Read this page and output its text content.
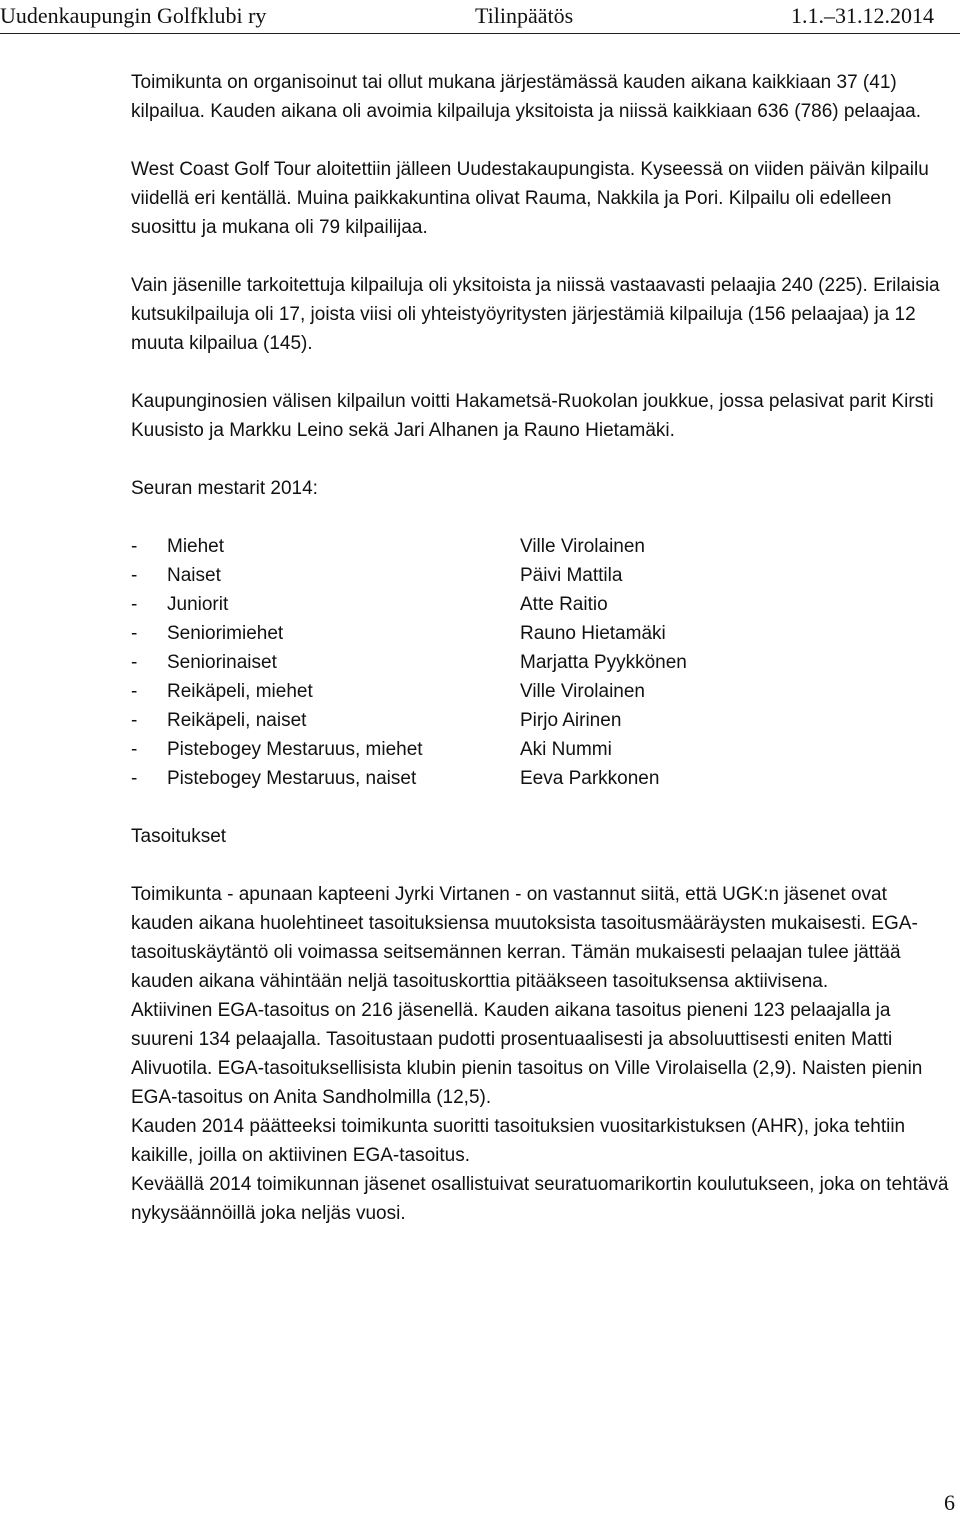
Uudenkaupungin Golfklubi ry	Tilinpäätös	1.1.–31.12.2014

Toimikunta on organisoinut tai ollut mukana järjestämässä kauden aikana kaikkiaan 37 (41) kilpailua. Kauden aikana oli avoimia kilpailuja yksitoista ja niissä kaikkiaan 636 (786) pelaajaa.

West Coast Golf Tour aloitettiin jälleen Uudestakaupungista. Kyseessä on viiden päivän kilpailu viidellä eri kentällä. Muina paikkakuntina olivat Rauma, Nakkila ja Pori. Kilpailu oli edelleen suosittu ja mukana oli 79 kilpailijaa.

Vain jäsenille tarkoitettuja kilpailuja oli yksitoista ja niissä vastaavasti pelaajia 240 (225). Erilaisia kutsukilpailuja oli 17, joista viisi oli yhteistyöyritysten järjestämiä kilpailuja (156 pelaajaa) ja 12 muuta kilpailua (145).

Kaupunginosien välisen kilpailun voitti Hakametsä-Ruokolan joukkue, jossa pelasivat parit Kirsti Kuusisto ja Markku Leino sekä Jari Alhanen ja Rauno Hietamäki.

Seuran mestarit 2014:

- Miehet	Ville Virolainen
- Naiset	Päivi Mattila
- Juniorit	Atte Raitio
- Seniorimiehet	Rauno Hietamäki
- Seniorinaiset	Marjatta Pyykkönen
- Reikäpeli, miehet	Ville Virolainen
- Reikäpeli, naiset	Pirjo Airinen
- Pistebogey Mestaruus, miehet	Aki Nummi
- Pistebogey Mestaruus, naiset	Eeva Parkkonen

Tasoitukset

Toimikunta - apunaan kapteeni Jyrki Virtanen - on vastannut siitä, että UGK:n jäsenet ovat kauden aikana huolehtineet tasoituksiensa muutoksista tasoitusmääräysten mukaisesti. EGA-tasoituskäytäntö oli voimassa seitsemännen kerran. Tämän mukaisesti pelaajan tulee jättää kauden aikana vähintään neljä tasoituskorttia pitääkseen tasoituksensa aktiivisena.

Aktiivinen EGA-tasoitus on 216 jäsenellä. Kauden aikana tasoitus pieneni 123 pelaajalla ja suureni 134 pelaajalla. Tasoitustaan pudotti prosentuaalisesti ja absoluuttisesti eniten Matti Alivuotila. EGA-tasoituksellisista klubin pienin tasoitus on Ville Virolaisella (2,9). Naisten pienin EGA-tasoitus on Anita Sandholmilla (12,5).

Kauden 2014 päätteeksi toimikunta suoritti tasoituksien vuositarkistuksen (AHR), joka tehtiin kaikille, joilla on aktiivinen EGA-tasoitus.

Keväällä 2014 toimikunnan jäsenet osallistuivat seuratuomarikortin koulutukseen, joka on tehtävä nykysäännöillä joka neljäs vuosi.

6
